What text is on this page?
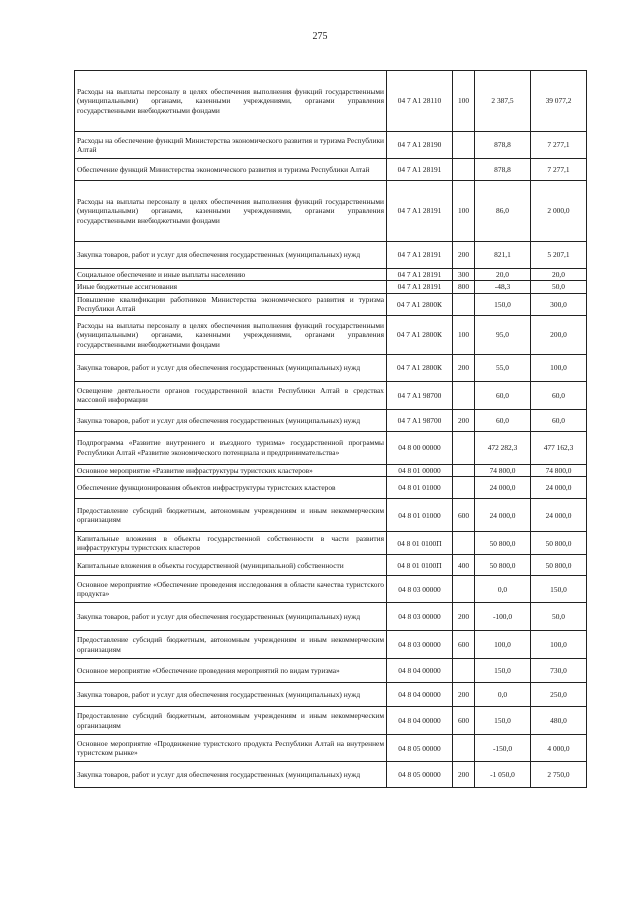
275
Расходы на выплаты персоналу в целях обеспечения выполнения функций государственными (муниципальными) органами, казенными учреждениями, органами управления государственными внебюджетными фондами	04 7 A1 28110	100	2 387,5	39 077,2
Расходы на обеспечение функций Министерства экономического развития и туризма Республики Алтай	04 7 A1 28190		878,8	7 277,1
Обеспечение функций Министерства экономического развития и туризма Республики Алтай	04 7 A1 28191		878,8	7 277,1
Расходы на выплаты персоналу в целях обеспечения выполнения функций государственными (муниципальными) органами, казенными учреждениями, органами управления государственными внебюджетными фондами	04 7 A1 28191	100	86,0	2 000,0
Закупка товаров, работ и услуг для обеспечения государственных (муниципальных) нужд	04 7 A1 28191	200	821,1	5 207,1
Социальное обеспечение и иные выплаты населению	04 7 A1 28191	300	20,0	20,0
Иные бюджетные ассигнования	04 7 A1 28191	800	-48,3	50,0
Повышение квалификации работников Министерства экономического развития и туризма Республики Алтай	04 7 A1 2800К		150,0	300,0
Расходы на выплаты персоналу в целях обеспечения выполнения функций государственными (муниципальными) органами, казенными учреждениями, органами управления государственными внебюджетными фондами	04 7 A1 2800К	100	95,0	200,0
Закупка товаров, работ и услуг для обеспечения государственных (муниципальных) нужд	04 7 A1 2800К	200	55,0	100,0
Освещение деятельности органов государственной власти Республики Алтай в средствах массовой информации	04 7 A1 98700		60,0	60,0
Закупка товаров, работ и услуг для обеспечения государственных (муниципальных) нужд	04 7 A1 98700	200	60,0	60,0
Подпрограмма «Развитие внутреннего и въездного туризма» государственной программы Республики Алтай «Развитие экономического потенциала и предпринимательства»	04 8 00 00000		472 282,3	477 162,3
Основное мероприятие «Развитие инфраструктуры туристских кластеров»	04 8 01 00000		74 800,0	74 800,0
Обеспечение функционирования объектов инфраструктуры туристских кластеров	04 8 01 01000		24 000,0	24 000,0
Предоставление субсидий бюджетным, автономным учреждениям и иным некоммерческим организациям	04 8 01 01000	600	24 000,0	24 000,0
Капитальные вложения в объекты государственной собственности в части развития инфраструктуры туристских кластеров	04 8 01 0100П		50 800,0	50 800,0
Капитальные вложения в объекты государственной (муниципальной) собственности	04 8 01 0100П	400	50 800,0	50 800,0
Основное мероприятие «Обеспечение проведения исследования в области качества туристского продукта»	04 8 03 00000		0,0	150,0
Закупка товаров, работ и услуг для обеспечения государственных (муниципальных) нужд	04 8 03 00000	200	-100,0	50,0
Предоставление субсидий бюджетным, автономным учреждениям и иным некоммерческим организациям	04 8 03 00000	600	100,0	100,0
Основное мероприятие «Обеспечение проведения мероприятий по видам туризма»	04 8 04 00000		150,0	730,0
Закупка товаров, работ и услуг для обеспечения государственных (муниципальных) нужд	04 8 04 00000	200	0,0	250,0
Предоставление субсидий бюджетным, автономным учреждениям и иным некоммерческим организациям	04 8 04 00000	600	150,0	480,0
Основное мероприятие «Продвижение туристского продукта Республики Алтай на внутреннем туристском рынке»	04 8 05 00000		-150,0	4 000,0
Закупка товаров, работ и услуг для обеспечения государственных (муниципальных) нужд	04 8 05 00000	200	-1 050,0	2 750,0
